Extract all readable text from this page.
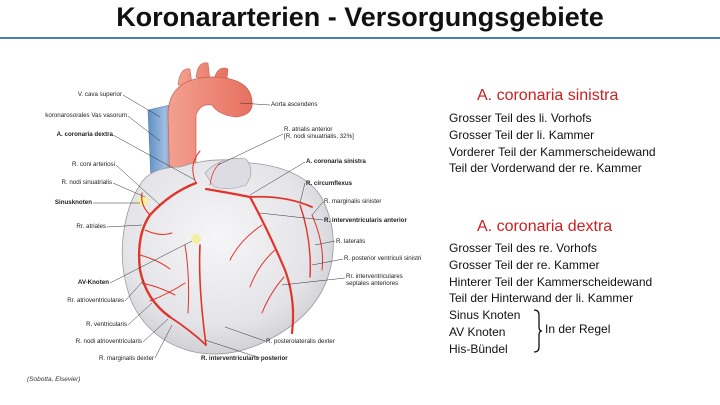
Koronararterien - Versorgungsgebiete
V. cava superior
koronarosorales Vas vasorum
A. coronaria dextra
R. coni arteriosi
R. nodi sinuatrialis
Sinusknoten
Rr. atriales
AV-Knoten
Rr. atrioventriculares
R. ventricularis
R. nodi atrioventricularis
R. marginalis dexter
Aorta ascendens
R. atrialis anterior
[R. nodi sinuatrialis, 32%]
A. coronaria sinistra
R. circumflexus
R. marginalis sinister
R. interventricularis anterior
R. lateralis
R. posterior ventriculi sinistri
Rr. interventriculares
septales anteriores
R. posterolateralis dexter
R. interventricularis posterior
(Sobotta, Elsevier)
A. coronaria sinistra
Grosser Teil des li. Vorhofs
Grosser Teil der li. Kammer
Vorderer Teil der Kammerscheidewand
Teil der Vorderwand der re. Kammer
A. coronaria dextra
Grosser Teil des re. Vorhofs
Grosser Teil der re. Kammer
Hinterer Teil der Kammerscheidewand
Teil der Hinterwand der li. Kammer
Sinus Knoten
AV Knoten
His-Bündel
In der Regel
